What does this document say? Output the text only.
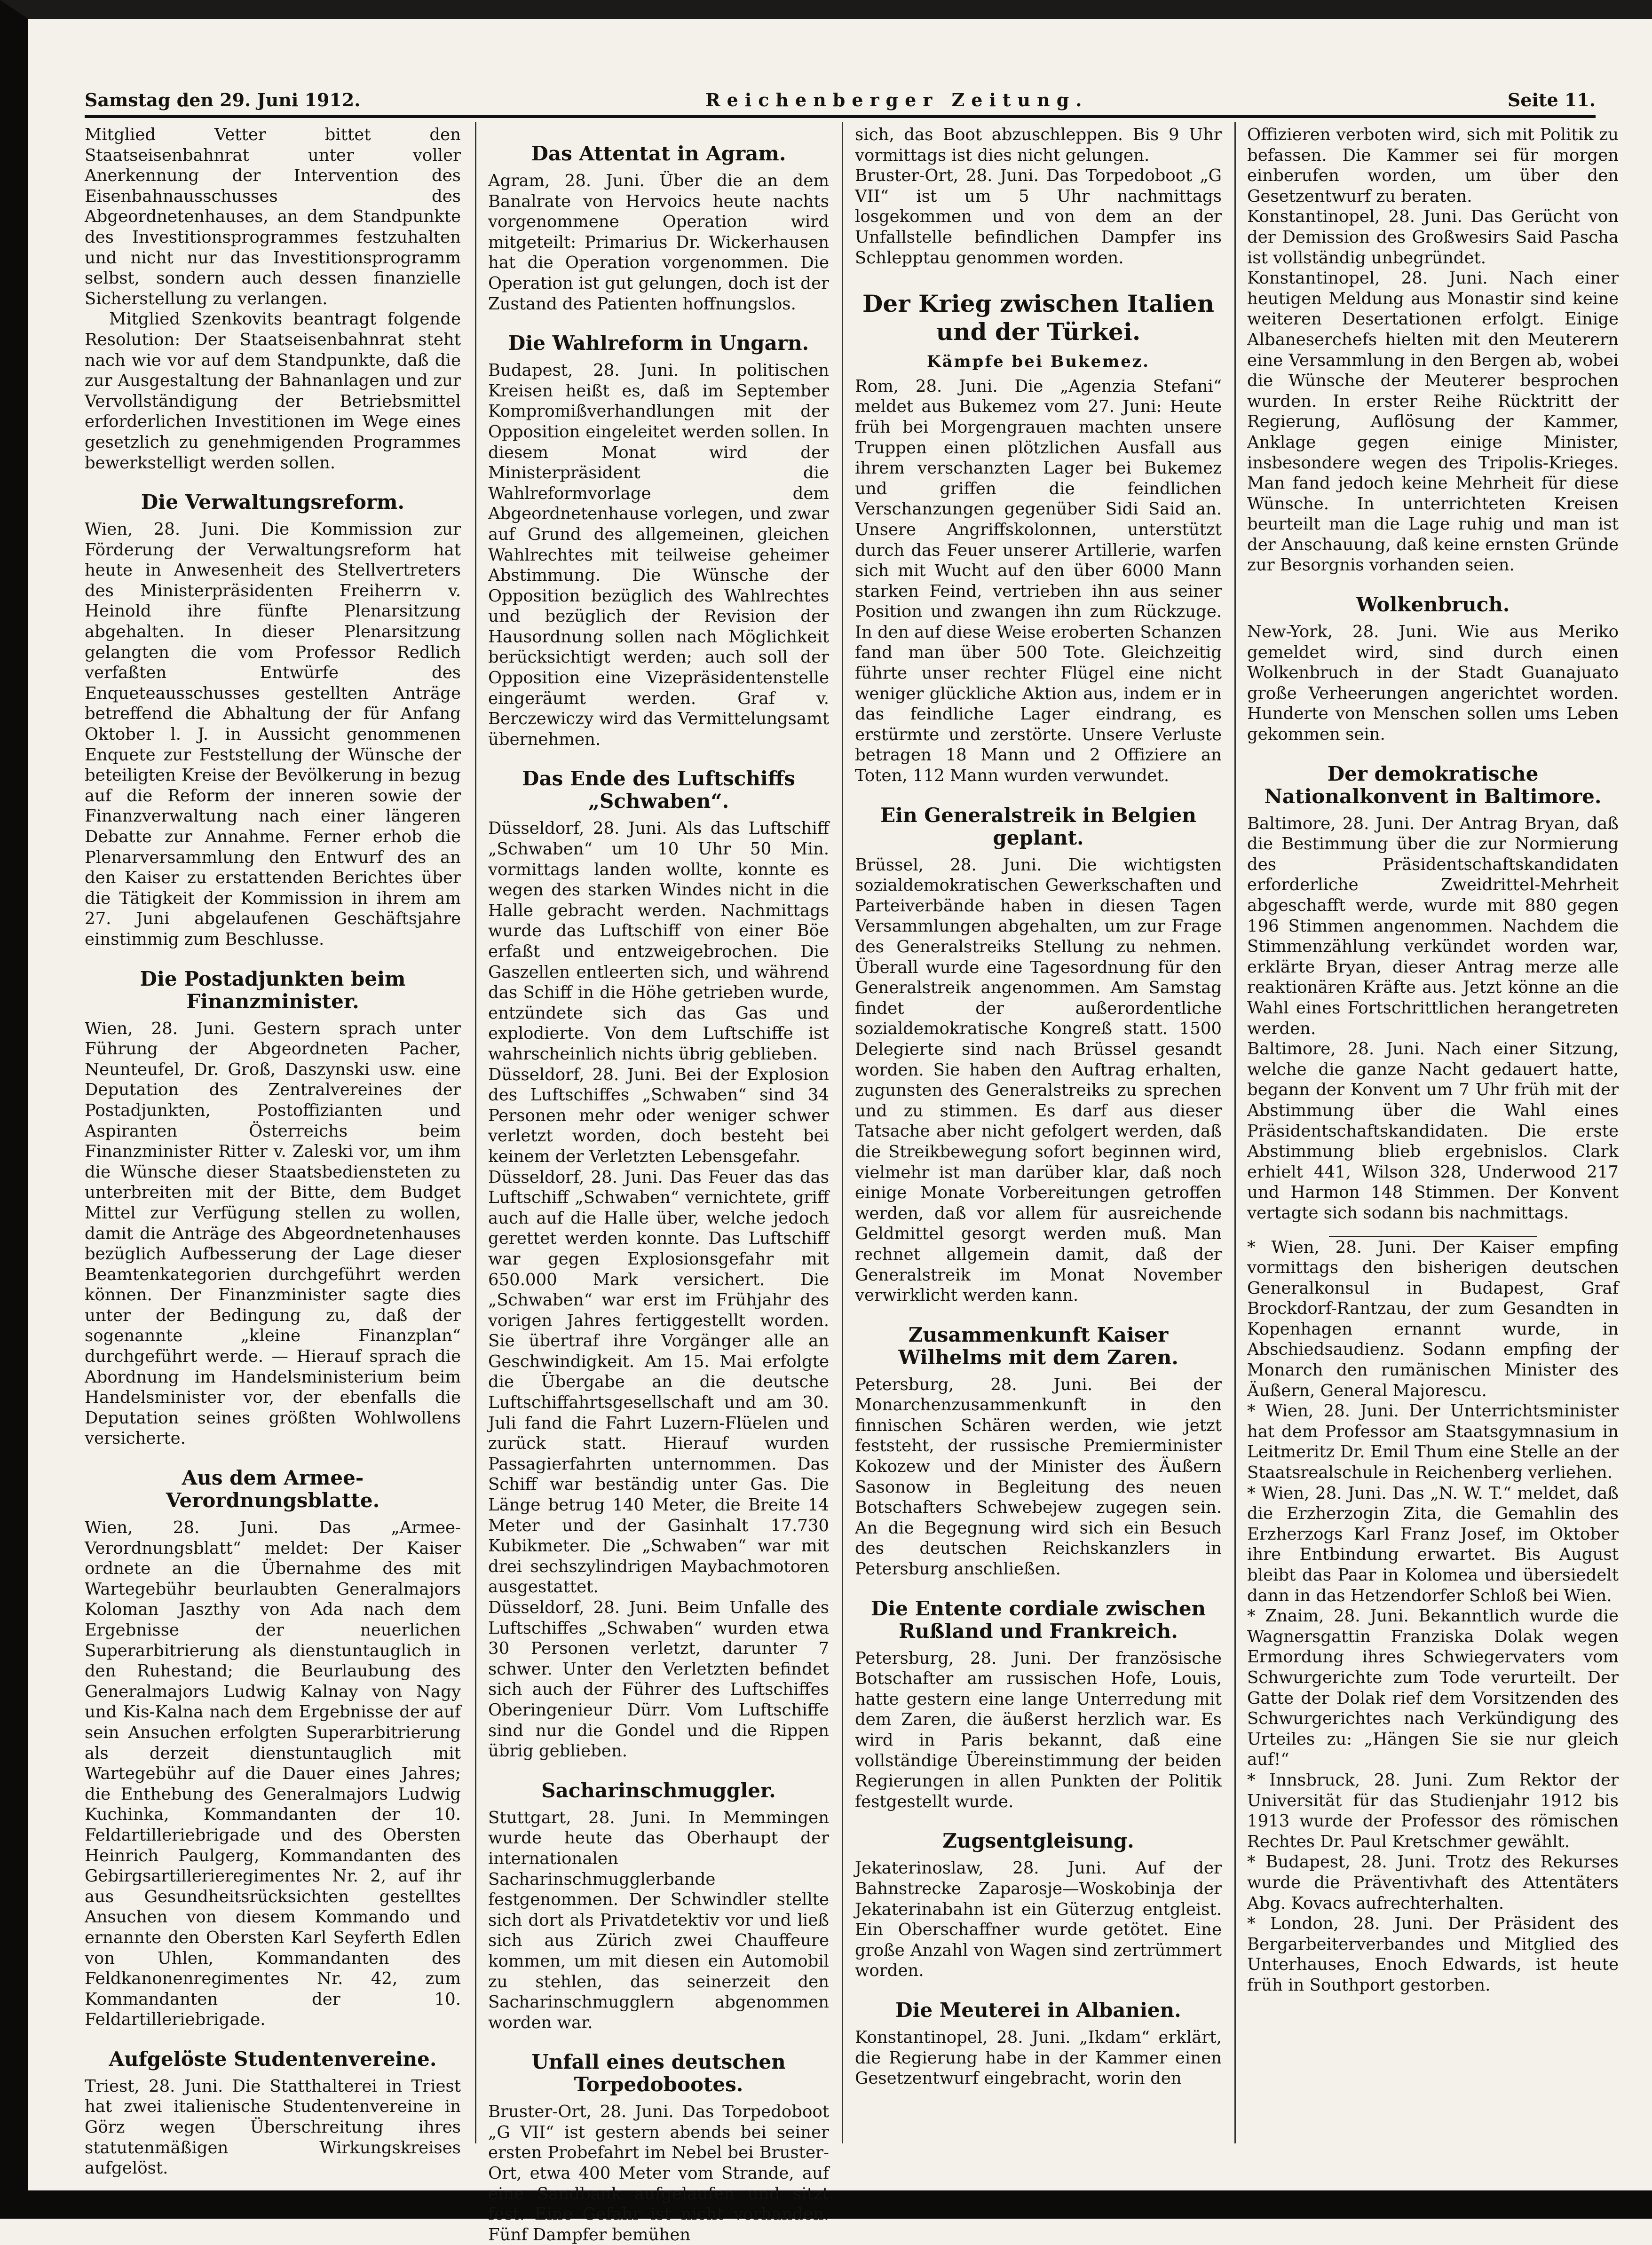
Samstag den 29. Juni 1912.	Reichenberger Zeitung.	Seite 11.

Mitglied Vetter bittet den Staatseisenbahnrat unter voller Anerkennung der Intervention des Eisenbahnausschusses des Abgeordnetenhauses, an dem Standpunkte des Investitionsprogrammes festzuhalten und nicht nur das Investitionsprogramm selbst, sondern auch dessen finanzielle Sicherstellung zu verlangen.

Mitglied Szenkovits beantragt folgende Resolution: Der Staatseisenbahnrat steht nach wie vor auf dem Standpunkte, daß die zur Ausgestaltung der Bahnanlagen und zur Vervollständigung der Betriebsmittel erforderlichen Investitionen im Wege eines gesetzlich zu genehmigenden Programmes bewerkstelligt werden sollen.

Die Verwaltungsreform.

Wien, 28. Juni. Die Kommission zur Förderung der Verwaltungsreform hat heute in Anwesenheit des Stellvertreters des Ministerpräsidenten Freiherrn v. Heinold ihre fünfte Plenarsitzung abgehalten. In dieser Plenarsitzung gelangten die vom Professor Redlich verfaßten Entwürfe des Enqueteausschusses gestellten Anträge betreffend die Abhaltung der für Anfang Oktober l. J. in Aussicht genommenen Enquete zur Feststellung der Wünsche der beteiligten Kreise der Bevölkerung in bezug auf die Reform der inneren sowie der Finanzverwaltung nach einer längeren Debatte zur Annahme. Ferner erhob die Plenarversammlung den Entwurf des an den Kaiser zu erstattenden Berichtes über die Tätigkeit der Kommission in ihrem am 27. Juni abgelaufenen Geschäftsjahre einstimmig zum Beschlusse.

Die Postadjunkten beim Finanzminister.

Wien, 28. Juni. Gestern sprach unter Führung der Abgeordneten Pacher, Neunteufel, Dr. Groß, Daszynski usw. eine Deputation des Zentralvereines der Postadjunkten, Postoffizianten und Aspiranten Österreichs beim Finanzminister Ritter v. Zaleski vor, um ihm die Wünsche dieser Staatsbediensteten zu unterbreiten mit der Bitte, dem Budget Mittel zur Verfügung stellen zu wollen, damit die Anträge des Abgeordnetenhauses bezüglich Aufbesserung der Lage dieser Beamtenkategorien durchgeführt werden können. Der Finanzminister sagte dies unter der Bedingung zu, daß der sogenannte „kleine Finanzplan“ durchgeführt werde. — Hierauf sprach die Abordnung im Handelsministerium beim Handelsminister vor, der ebenfalls die Deputation seines größten Wohlwollens versicherte.

Aus dem Armee-Verordnungsblatte.

Wien, 28. Juni. Das „Armee-Verordnungsblatt“ meldet: Der Kaiser ordnete an die Übernahme des mit Wartegebühr beurlaubten Generalmajors Koloman Jaszthy von Ada nach dem Ergebnisse der neuerlichen Superarbitrierung als dienstuntauglich in den Ruhestand; die Beurlaubung des Generalmajors Ludwig Kalnay von Nagy und Kis-Kalna nach dem Ergebnisse der auf sein Ansuchen erfolgten Superarbitrierung als derzeit dienstuntauglich mit Wartegebühr auf die Dauer eines Jahres; die Enthebung des Generalmajors Ludwig Kuchinka, Kommandanten der 10. Feldartilleriebrigade und des Obersten Heinrich Paulgerg, Kommandanten des Gebirgsartillerieregimentes Nr. 2, auf ihr aus Gesundheitsrücksichten gestelltes Ansuchen von diesem Kommando und ernannte den Obersten Karl Seyferth Edlen von Uhlen, Kommandanten des Feldkanonenregimentes Nr. 42, zum Kommandanten der 10. Feldartilleriebrigade.

Aufgelöste Studentenvereine.

Triest, 28. Juni. Die Statthalterei in Triest hat zwei italienische Studentenvereine in Görz wegen Überschreitung ihres statutenmäßigen Wirkungskreises aufgelöst.

Das Attentat in Agram.

Agram, 28. Juni. Über die an dem Banalrate von Hervoics heute nachts vorgenommene Operation wird mitgeteilt: Primarius Dr. Wickerhausen hat die Operation vorgenommen. Die Operation ist gut gelungen, doch ist der Zustand des Patienten hoffnungslos.

Die Wahlreform in Ungarn.

Budapest, 28. Juni. In politischen Kreisen heißt es, daß im September Kompromißverhandlungen mit der Opposition eingeleitet werden sollen. In diesem Monat wird der Ministerpräsident die Wahlreformvorlage dem Abgeordnetenhause vorlegen, und zwar auf Grund des allgemeinen, gleichen Wahlrechtes mit teilweise geheimer Abstimmung. Die Wünsche der Opposition bezüglich des Wahlrechtes und bezüglich der Revision der Hausordnung sollen nach Möglichkeit berücksichtigt werden; auch soll der Opposition eine Vizepräsidentenstelle eingeräumt werden. Graf v. Berczewiczy wird das Vermittelungsamt übernehmen.

Das Ende des Luftschiffs „Schwaben“.

Düsseldorf, 28. Juni. Als das Luftschiff „Schwaben“ um 10 Uhr 50 Min. vormittags landen wollte, konnte es wegen des starken Windes nicht in die Halle gebracht werden. Nachmittags wurde das Luftschiff von einer Böe erfaßt und entzweigebrochen. Die Gaszellen entleerten sich, und während das Schiff in die Höhe getrieben wurde, entzündete sich das Gas und explodierte. Von dem Luftschiffe ist wahrscheinlich nichts übrig geblieben.

Düsseldorf, 28. Juni. Bei der Explosion des Luftschiffes „Schwaben“ sind 34 Personen mehr oder weniger schwer verletzt worden, doch besteht bei keinem der Verletzten Lebensgefahr.

Düsseldorf, 28. Juni. Das Feuer das das Luftschiff „Schwaben“ vernichtete, griff auch auf die Halle über, welche jedoch gerettet werden konnte. Das Luftschiff war gegen Explosionsgefahr mit 650.000 Mark versichert. Die „Schwaben“ war erst im Frühjahr des vorigen Jahres fertiggestellt worden. Sie übertraf ihre Vorgänger alle an Geschwindigkeit. Am 15. Mai erfolgte die Übergabe an die deutsche Luftschiffahrtsgesellschaft und am 30. Juli fand die Fahrt Luzern-Flüelen und zurück statt. Hierauf wurden Passagierfahrten unternommen. Das Schiff war beständig unter Gas. Die Länge betrug 140 Meter, die Breite 14 Meter und der Gasinhalt 17.730 Kubikmeter. Die „Schwaben“ war mit drei sechszylindrigen Maybachmotoren ausgestattet.

Düsseldorf, 28. Juni. Beim Unfalle des Luftschiffes „Schwaben“ wurden etwa 30 Personen verletzt, darunter 7 schwer. Unter den Verletzten befindet sich auch der Führer des Luftschiffes Oberingenieur Dürr. Vom Luftschiffe sind nur die Gondel und die Rippen übrig geblieben.

Sacharinschmuggler.

Stuttgart, 28. Juni. In Memmingen wurde heute das Oberhaupt der internationalen Sacharinschmugglerbande festgenommen. Der Schwindler stellte sich dort als Privatdetektiv vor und ließ sich aus Zürich zwei Chauffeure kommen, um mit diesen ein Automobil zu stehlen, das seinerzeit den Sacharinschmugglern abgenommen worden war.

Unfall eines deutschen Torpedobootes.

Bruster-Ort, 28. Juni. Das Torpedoboot „G VII“ ist gestern abends bei seiner ersten Probefahrt im Nebel bei Bruster-Ort, etwa 400 Meter vom Strande, auf eine Sandbank aufgelaufen und sitzt fest. Eine Gefahr ist nicht vorhanden. Fünf Dampfer bemühen

sich, das Boot abzuschleppen. Bis 9 Uhr vormittags ist dies nicht gelungen.

Bruster-Ort, 28. Juni. Das Torpedoboot „G VII“ ist um 5 Uhr nachmittags losgekommen und von dem an der Unfallstelle befindlichen Dampfer ins Schlepptau genommen worden.

Der Krieg zwischen Italien und der Türkei.
Kämpfe bei Bukemez.

Rom, 28. Juni. Die „Agenzia Stefani“ meldet aus Bukemez vom 27. Juni: Heute früh bei Morgengrauen machten unsere Truppen einen plötzlichen Ausfall aus ihrem verschanzten Lager bei Bukemez und griffen die feindlichen Verschanzungen gegenüber Sidi Said an. Unsere Angriffskolonnen, unterstützt durch das Feuer unserer Artillerie, warfen sich mit Wucht auf den über 6000 Mann starken Feind, vertrieben ihn aus seiner Position und zwangen ihn zum Rückzuge. In den auf diese Weise eroberten Schanzen fand man über 500 Tote. Gleichzeitig führte unser rechter Flügel eine nicht weniger glückliche Aktion aus, indem er in das feindliche Lager eindrang, es erstürmte und zerstörte. Unsere Verluste betragen 18 Mann und 2 Offiziere an Toten, 112 Mann wurden verwundet.

Ein Generalstreik in Belgien geplant.

Brüssel, 28. Juni. Die wichtigsten sozialdemokratischen Gewerkschaften und Parteiverbände haben in diesen Tagen Versammlungen abgehalten, um zur Frage des Generalstreiks Stellung zu nehmen. Überall wurde eine Tagesordnung für den Generalstreik angenommen. Am Samstag findet der außerordentliche sozialdemokratische Kongreß statt. 1500 Delegierte sind nach Brüssel gesandt worden. Sie haben den Auftrag erhalten, zugunsten des Generalstreiks zu sprechen und zu stimmen. Es darf aus dieser Tatsache aber nicht gefolgert werden, daß die Streikbewegung sofort beginnen wird, vielmehr ist man darüber klar, daß noch einige Monate Vorbereitungen getroffen werden, daß vor allem für ausreichende Geldmittel gesorgt werden muß. Man rechnet allgemein damit, daß der Generalstreik im Monat November verwirklicht werden kann.

Zusammenkunft Kaiser Wilhelms mit dem Zaren.

Petersburg, 28. Juni. Bei der Monarchenzusammenkunft in den finnischen Schären werden, wie jetzt feststeht, der russische Premierminister Kokozew und der Minister des Äußern Sasonow in Begleitung des neuen Botschafters Schwebejew zugegen sein. An die Begegnung wird sich ein Besuch des deutschen Reichskanzlers in Petersburg anschließen.

Die Entente cordiale zwischen Rußland und Frankreich.

Petersburg, 28. Juni. Der französische Botschafter am russischen Hofe, Louis, hatte gestern eine lange Unterredung mit dem Zaren, die äußerst herzlich war. Es wird in Paris bekannt, daß eine vollständige Übereinstimmung der beiden Regierungen in allen Punkten der Politik festgestellt wurde.

Zugsentgleisung.

Jekaterinoslaw, 28. Juni. Auf der Bahnstrecke Zaparosje—Woskobinja der Jekaterinabahn ist ein Güterzug entgleist. Ein Oberschaffner wurde getötet. Eine große Anzahl von Wagen sind zertrümmert worden.

Die Meuterei in Albanien.

Konstantinopel, 28. Juni. „Ikdam“ erklärt, die Regierung habe in der Kammer einen Gesetzentwurf eingebracht, worin den

Offizieren verboten wird, sich mit Politik zu befassen. Die Kammer sei für morgen einberufen worden, um über den Gesetzentwurf zu beraten.

Konstantinopel, 28. Juni. Das Gerücht von der Demission des Großwesirs Said Pascha ist vollständig unbegründet.

Konstantinopel, 28. Juni. Nach einer heutigen Meldung aus Monastir sind keine weiteren Desertationen erfolgt. Einige Albaneserchefs hielten mit den Meuterern eine Versammlung in den Bergen ab, wobei die Wünsche der Meuterer besprochen wurden. In erster Reihe Rücktritt der Regierung, Auflösung der Kammer, Anklage gegen einige Minister, insbesondere wegen des Tripolis-Krieges. Man fand jedoch keine Mehrheit für diese Wünsche. In unterrichteten Kreisen beurteilt man die Lage ruhig und man ist der Anschauung, daß keine ernsten Gründe zur Besorgnis vorhanden seien.

Wolkenbruch.

New-York, 28. Juni. Wie aus Meriko gemeldet wird, sind durch einen Wolkenbruch in der Stadt Guanajuato große Verheerungen angerichtet worden. Hunderte von Menschen sollen ums Leben gekommen sein.

Der demokratische Nationalkonvent in Baltimore.

Baltimore, 28. Juni. Der Antrag Bryan, daß die Bestimmung über die zur Normierung des Präsidentschaftskandidaten erforderliche Zweidrittel-Mehrheit abgeschafft werde, wurde mit 880 gegen 196 Stimmen angenommen. Nachdem die Stimmenzählung verkündet worden war, erklärte Bryan, dieser Antrag merze alle reaktionären Kräfte aus. Jetzt könne an die Wahl eines Fortschrittlichen herangetreten werden.

Baltimore, 28. Juni. Nach einer Sitzung, welche die ganze Nacht gedauert hatte, begann der Konvent um 7 Uhr früh mit der Abstimmung über die Wahl eines Präsidentschaftskandidaten. Die erste Abstimmung blieb ergebnislos. Clark erhielt 441, Wilson 328, Underwood 217 und Harmon 148 Stimmen. Der Konvent vertagte sich sodann bis nachmittags.

* Wien, 28. Juni. Der Kaiser empfing vormittags den bisherigen deutschen Generalkonsul in Budapest, Graf Brockdorf-Rantzau, der zum Gesandten in Kopenhagen ernannt wurde, in Abschiedsaudienz. Sodann empfing der Monarch den rumänischen Minister des Äußern, General Majorescu.

* Wien, 28. Juni. Der Unterrichtsminister hat dem Professor am Staatsgymnasium in Leitmeritz Dr. Emil Thum eine Stelle an der Staatsrealschule in Reichenberg verliehen.

* Wien, 28. Juni. Das „N. W. T.“ meldet, daß die Erzherzogin Zita, die Gemahlin des Erzherzogs Karl Franz Josef, im Oktober ihre Entbindung erwartet. Bis August bleibt das Paar in Kolomea und übersiedelt dann in das Hetzendorfer Schloß bei Wien.

* Znaim, 28. Juni. Bekanntlich wurde die Wagnersgattin Franziska Dolak wegen Ermordung ihres Schwiegervaters vom Schwurgerichte zum Tode verurteilt. Der Gatte der Dolak rief dem Vorsitzenden des Schwurgerichtes nach Verkündigung des Urteiles zu: „Hängen Sie sie nur gleich auf!“

* Innsbruck, 28. Juni. Zum Rektor der Universität für das Studienjahr 1912 bis 1913 wurde der Professor des römischen Rechtes Dr. Paul Kretschmer gewählt.

* Budapest, 28. Juni. Trotz des Rekurses wurde die Präventivhaft des Attentäters Abg. Kovacs aufrechterhalten.

* London, 28. Juni. Der Präsident des Bergarbeiterverbandes und Mitglied des Unterhauses, Enoch Edwards, ist heute früh in Southport gestorben.
